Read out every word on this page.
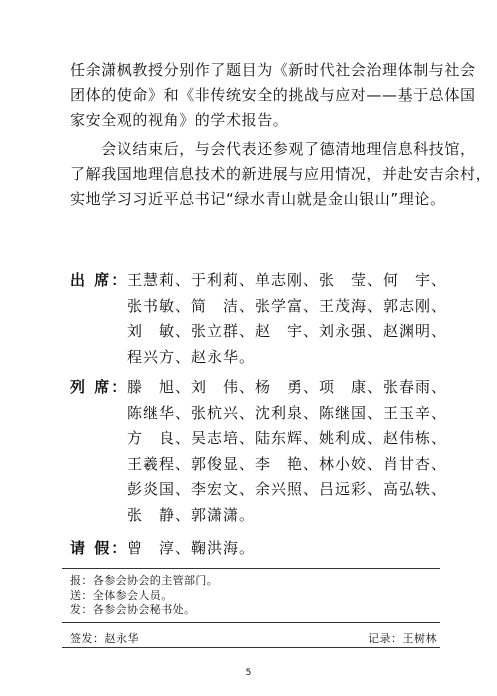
任余潇枫教授分别作了题目为《新时代社会治理体制与社会
团体的使命》和《非传统安全的挑战与应对——基于总体国
家安全观的视角》的学术报告。

　　会议结束后，与会代表还参观了德清地理信息科技馆，
了解我国地理信息技术的新进展与应用情况，并赴安吉余村，
实地学习习近平总书记“绿水青山就是金山银山”理论。

出 席：
王慧莉、于利莉、单志刚、张　莹、何　宇、
张书敏、简　洁、张学富、王茂海、郭志刚、
刘　敏、张立群、赵　宇、刘永强、赵渊明、
程兴方、赵永华。
列 席：
滕　旭、刘　伟、杨　勇、项　康、张春雨、
陈继华、张杭兴、沈利泉、陈继国、王玉辛、
方　良、吴志培、陆东辉、姚利成、赵伟栋、
王羲程、郭俊显、李　艳、林小姣、肖甘杏、
彭炎国、李宏文、余兴照、吕远彩、高弘轶、
张　静、郭潇潇。
请 假：
曾　淳、鞠洪海。
报：各参会协会的主管部门。
送：全体参会人员。
发：各参会协会秘书处。
签发：赵永华	记录：王树林
5
